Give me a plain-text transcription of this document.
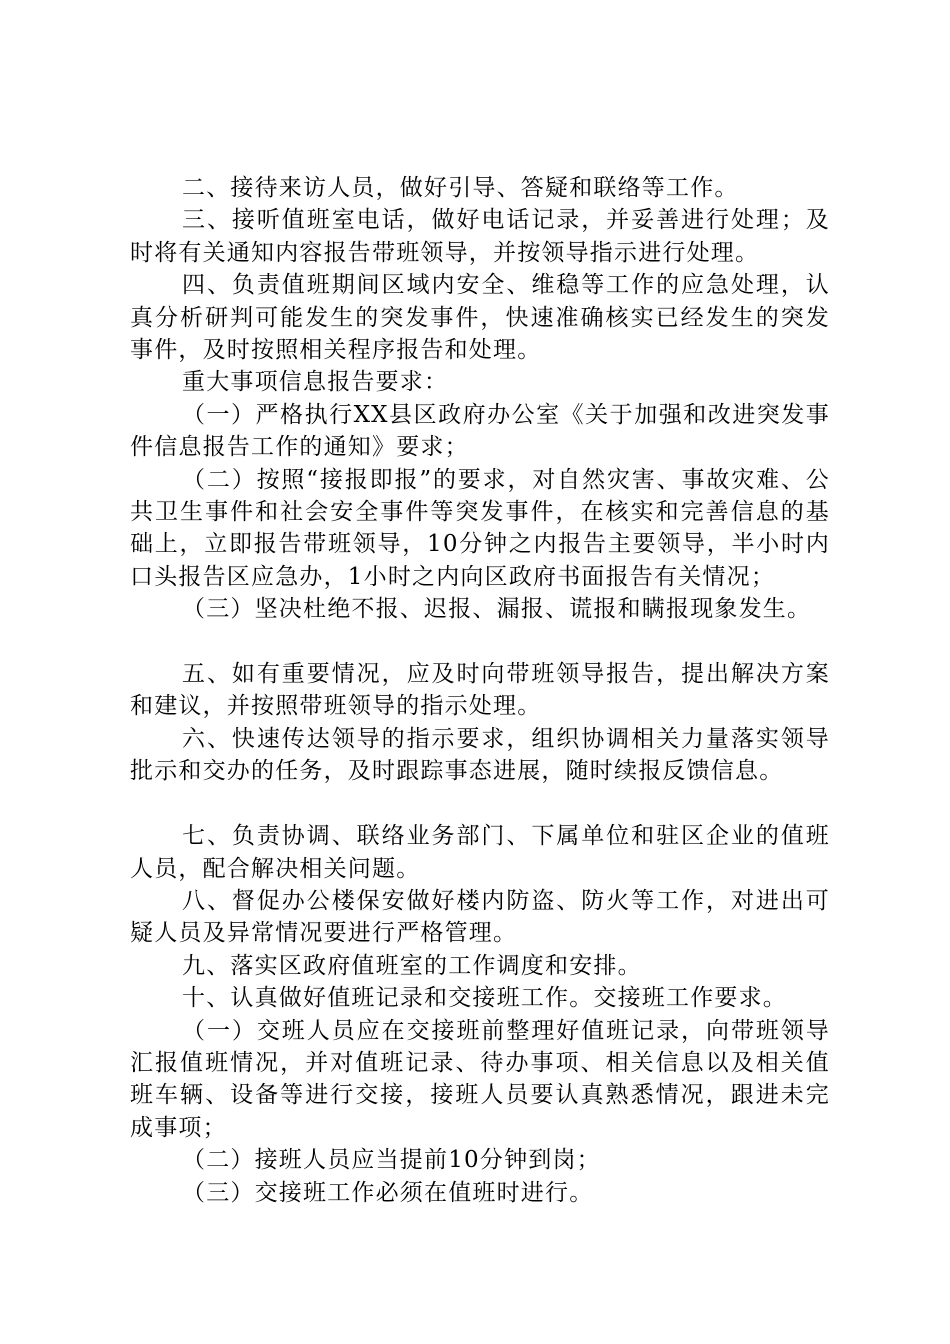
二、接待来访人员，做好引导、答疑和联络等工作。

三、接听值班室电话，做好电话记录，并妥善进行处理；及时将有关通知内容报告带班领导，并按领导指示进行处理。

四、负责值班期间区域内安全、维稳等工作的应急处理，认真分析研判可能发生的突发事件，快速准确核实已经发生的突发事件，及时按照相关程序报告和处理。

重大事项信息报告要求：

（一）严格执行XX县区政府办公室《关于加强和改进突发事件信息报告工作的通知》要求；

（二）按照“接报即报”的要求，对自然灾害、事故灾难、公共卫生事件和社会安全事件等突发事件，在核实和完善信息的基础上，立即报告带班领导，10分钟之内报告主要领导，半小时内口头报告区应急办，1小时之内向区政府书面报告有关情况；

（三）坚决杜绝不报、迟报、漏报、谎报和瞒报现象发生。

五、如有重要情况，应及时向带班领导报告，提出解决方案和建议，并按照带班领导的指示处理。

六、快速传达领导的指示要求，组织协调相关力量落实领导批示和交办的任务，及时跟踪事态进展，随时续报反馈信息。

七、负责协调、联络业务部门、下属单位和驻区企业的值班人员，配合解决相关问题。

八、督促办公楼保安做好楼内防盗、防火等工作，对进出可疑人员及异常情况要进行严格管理。

九、落实区政府值班室的工作调度和安排。

十、认真做好值班记录和交接班工作。交接班工作要求。

（一）交班人员应在交接班前整理好值班记录，向带班领导汇报值班情况，并对值班记录、待办事项、相关信息以及相关值班车辆、设备等进行交接，接班人员要认真熟悉情况，跟进未完成事项；

（二）接班人员应当提前10分钟到岗；

（三）交接班工作必须在值班时进行。
